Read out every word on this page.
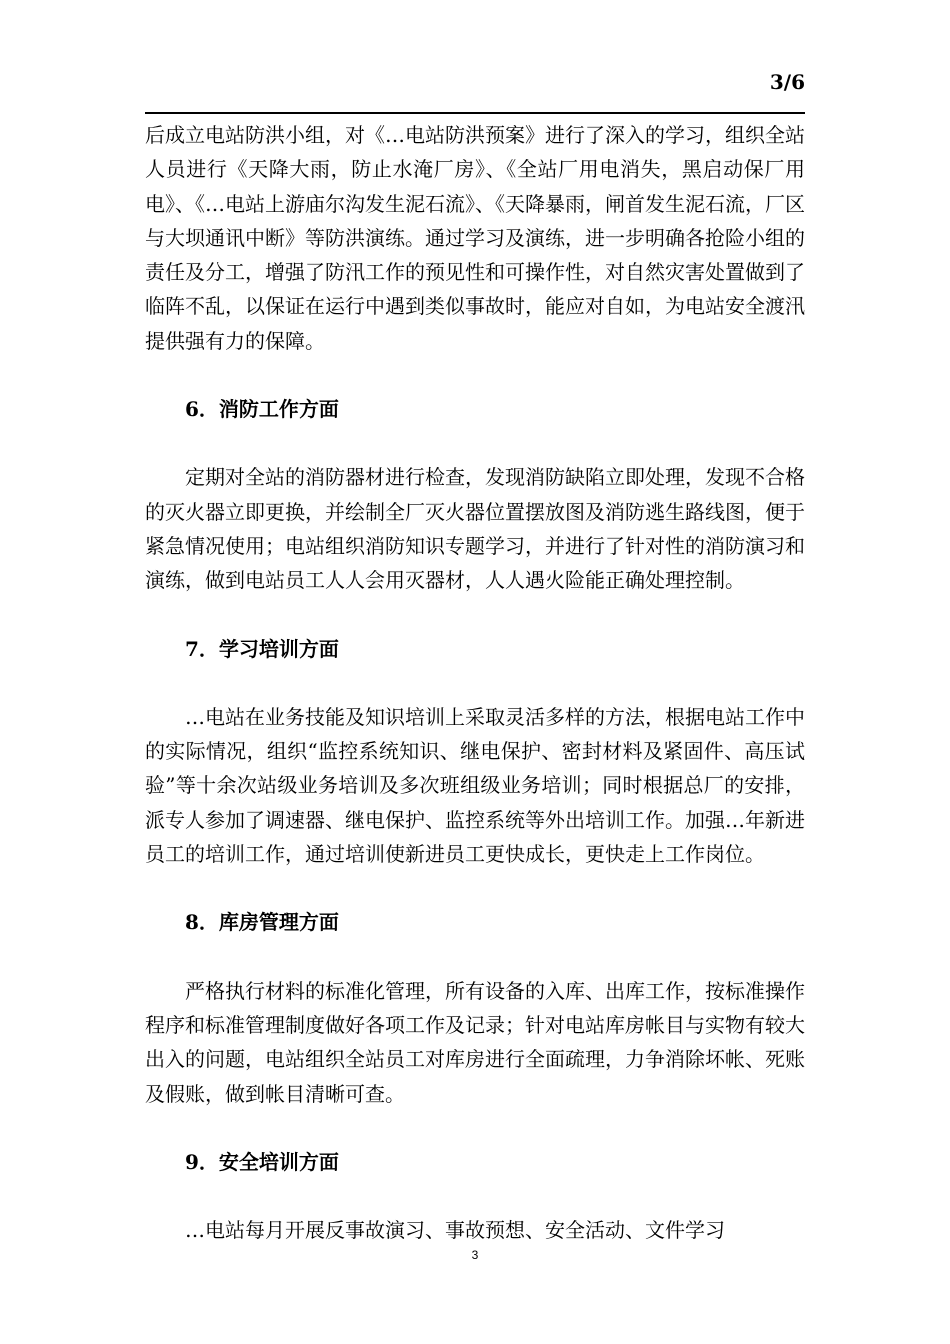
3/6

后成立电站防洪小组，对《…电站防洪预案》进行了深入的学习，组织全站人员进行《天降大雨，防止水淹厂房》、《全站厂用电消失，黑启动保厂用电》、《…电站上游庙尔沟发生泥石流》、《天降暴雨，闸首发生泥石流，厂区与大坝通讯中断》等防洪演练。通过学习及演练，进一步明确各抢险小组的责任及分工，增强了防汛工作的预见性和可操作性，对自然灾害处置做到了临阵不乱，以保证在运行中遇到类似事故时，能应对自如，为电站安全渡汛提供强有力的保障。

6．消防工作方面

定期对全站的消防器材进行检查，发现消防缺陷立即处理，发现不合格的灭火器立即更换，并绘制全厂灭火器位置摆放图及消防逃生路线图，便于紧急情况使用；电站组织消防知识专题学习，并进行了针对性的消防演习和演练，做到电站员工人人会用灭器材，人人遇火险能正确处理控制。

7．学习培训方面

…电站在业务技能及知识培训上采取灵活多样的方法，根据电站工作中的实际情况，组织“监控系统知识、继电保护、密封材料及紧固件、高压试验”等十余次站级业务培训及多次班组级业务培训；同时根据总厂的安排，派专人参加了调速器、继电保护、监控系统等外出培训工作。加强…年新进员工的培训工作，通过培训使新进员工更快成长，更快走上工作岗位。

8．库房管理方面

严格执行材料的标准化管理，所有设备的入库、出库工作，按标准操作程序和标准管理制度做好各项工作及记录；针对电站库房帐目与实物有较大出入的问题，电站组织全站员工对库房进行全面疏理，力争消除坏帐、死账及假账，做到帐目清晰可查。

9．安全培训方面

…电站每月开展反事故演习、事故预想、安全活动、文件学习

3
